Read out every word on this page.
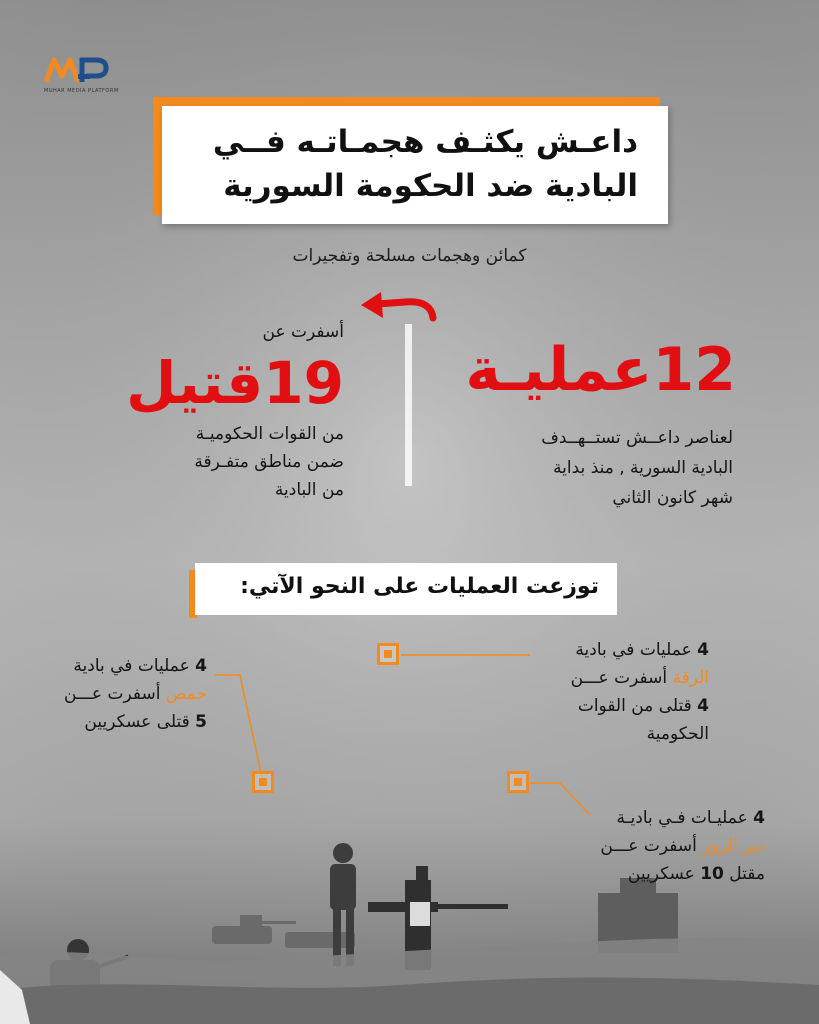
MUHAR MEDIA PLATFORM
داعـش يكثـف هجمـاتـه فــي
البادية ضد الحكومة السورية
كمائن وهجمات مسلحة وتفجيرات
12عمليـة
لعناصر داعــش تستــهــدف
البادية السورية , منذ بداية
شهر كانون الثاني
أسفرت عن
19قتيل
من القوات الحكوميـة
ضمن مناطق متفـرقة
من البادية
توزعت العمليات على النحو الآتي:
4 عمليات في بادية
الرقة أسفرت عـــن
4 قتلى من القوات
الحكومية
4 عمليات في بادية
حمص أسفرت عـــن
5 قتلى عسكريين
4 عمليـات فـي باديـة
دير الزور أسفرت عـــن
مقتل 10 عسكريين
